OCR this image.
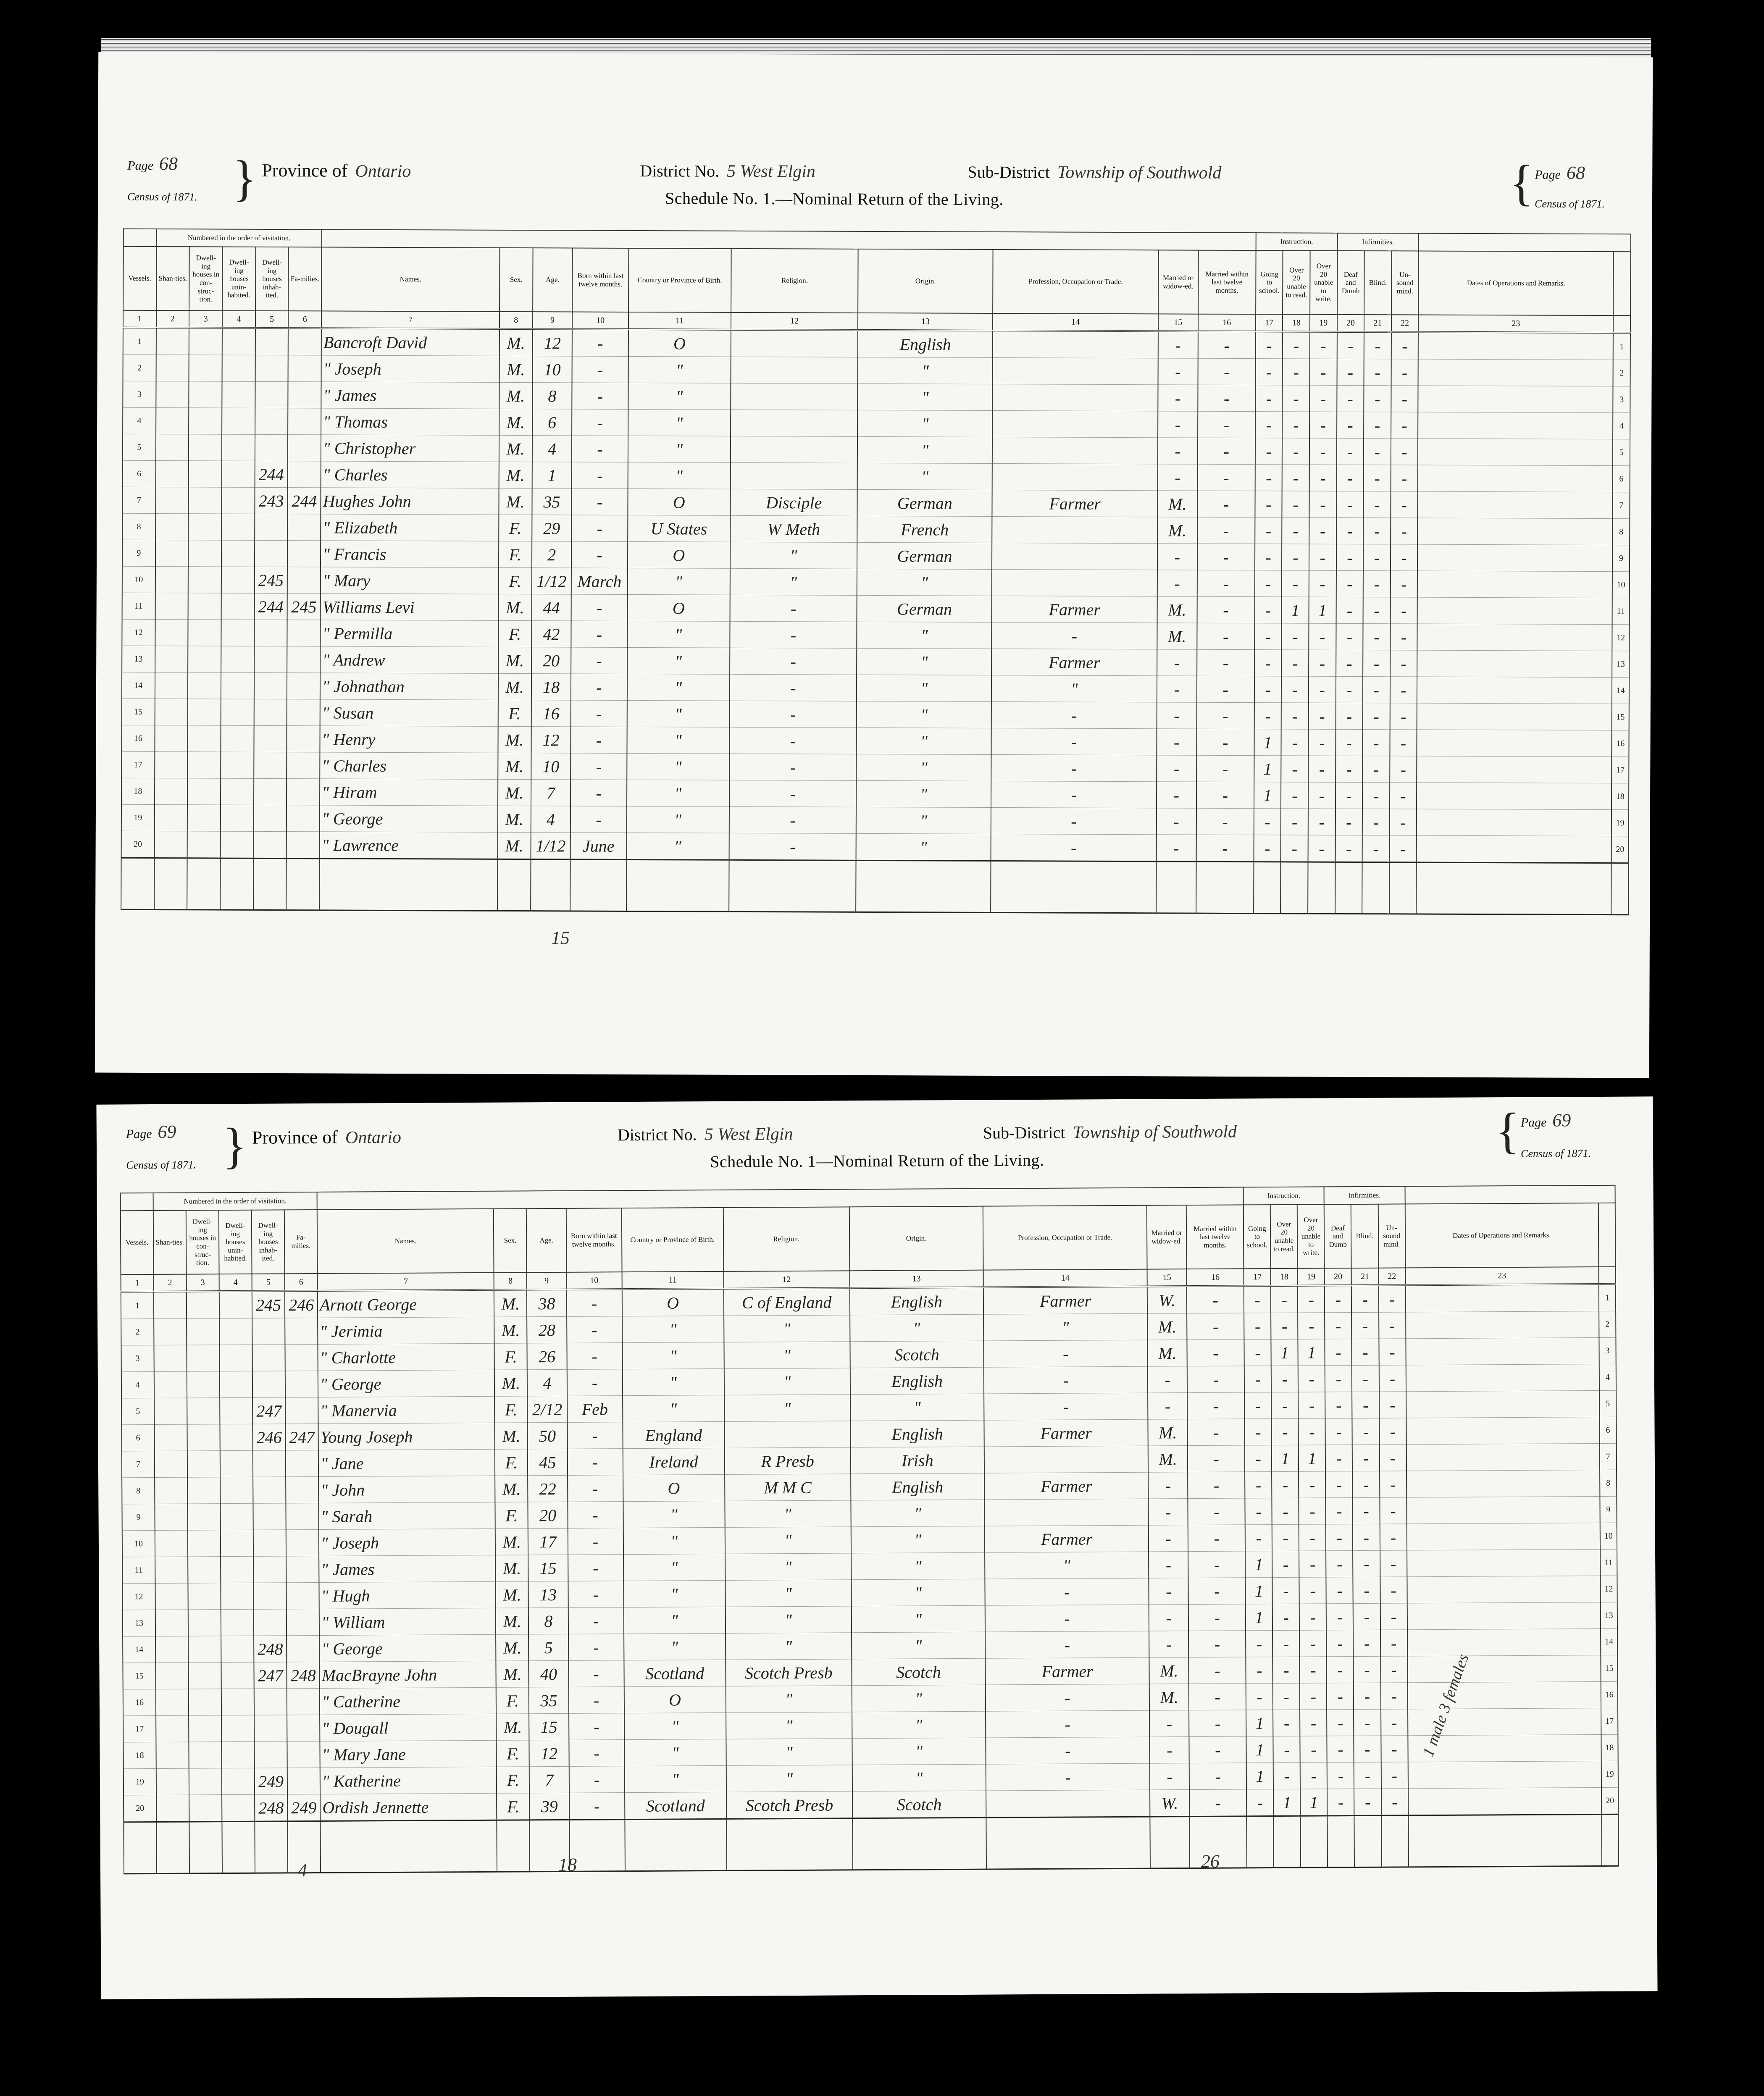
Page 68
Census of 1871. } Province of Ontario	District No. 5 West Elgin	Sub-District Township of Southwold	{ Page 68
Census of 1871.
Schedule No. 1.—Nominal Return of the Living.
	Numbered in the order of visitation.															Instruction.			Infirmities.				
Vessels.	Shan-ties.	Dwell-ing houses in con-struc-tion.	Dwell-ing houses unin-habited.	Dwell-ing houses inhab-ited.	Fa-milies.	Names.	Sex.	Age.	Born within last twelve months.	Country or Province of Birth.	Religion.	Origin.	Profession, Occupation or Trade.	Married or widow-ed.	Married within last twelve months.	Going to school.	Over 20 unable to read.	Over 20 unable to write.	Deaf and Dumb	Blind.	Un-sound mind.	Dates of Operations and Remarks.	
1	2	3	4	5	6	7	8	9	10	11	12	13	14	15	16	17	18	19	20	21	22	23	
1						Bancroft David	M.	12	-	O		English		-	-	-	-	-	-	-	-		1
2						" Joseph	M.	10	-	"		"		-	-	-	-	-	-	-	-		2
3						" James	M.	8	-	"		"		-	-	-	-	-	-	-	-		3
4						" Thomas	M.	6	-	"		"		-	-	-	-	-	-	-	-		4
5						" Christopher	M.	4	-	"		"		-	-	-	-	-	-	-	-		5
6				244		" Charles	M.	1	-	"		"		-	-	-	-	-	-	-	-		6
7				243	244	Hughes John	M.	35	-	O	Disciple	German	Farmer	M.	-	-	-	-	-	-	-		7
8						" Elizabeth	F.	29	-	U States	W Meth	French		M.	-	-	-	-	-	-	-		8
9						" Francis	F.	2	-	O	"	German		-	-	-	-	-	-	-	-		9
10				245		" Mary	F.	1/12	March	"	"	"		-	-	-	-	-	-	-	-		10
11				244	245	Williams Levi	M.	44	-	O	-	German	Farmer	M.	-	-	1	1	-	-	-		11
12						" Permilla	F.	42	-	"	-	"	-	M.	-	-	-	-	-	-	-		12
13						" Andrew	M.	20	-	"	-	"	Farmer	-	-	-	-	-	-	-	-		13
14						" Johnathan	M.	18	-	"	-	"	"	-	-	-	-	-	-	-	-		14
15						" Susan	F.	16	-	"	-	"	-	-	-	-	-	-	-	-	-		15
16						" Henry	M.	12	-	"	-	"	-	-	-	1	-	-	-	-	-		16
17						" Charles	M.	10	-	"	-	"	-	-	-	1	-	-	-	-	-		17
18						" Hiram	M.	7	-	"	-	"	-	-	-	1	-	-	-	-	-		18
19						" George	M.	4	-	"	-	"	-	-	-	-	-	-	-	-	-		19
20						" Lawrence	M.	1/12	June	"	-	"	-	-	-	-	-	-	-	-	-		20

15
Page 69
Census of 1871. } Province of Ontario	District No. 5 West Elgin	Sub-District Township of Southwold	{ Page 69
Census of 1871.
Schedule No. 1—Nominal Return of the Living.
	Numbered in the order of visitation.															Instruction.			Infirmities.				
Vessels.	Shan-ties.	Dwell-ing houses in con-struc-tion.	Dwell-ing houses unin-habited.	Dwell-ing houses inhab-ited.	Fa-milies.	Names.	Sex.	Age.	Born within last twelve months.	Country or Province of Birth.	Religion.	Origin.	Profession, Occupation or Trade.	Married or widow-ed.	Married within last twelve months.	Going to school.	Over 20 unable to read.	Over 20 unable to write.	Deaf and Dumb	Blind.	Un-sound mind.	Dates of Operations and Remarks.	
1	2	3	4	5	6	7	8	9	10	11	12	13	14	15	16	17	18	19	20	21	22	23	
1				245	246	Arnott George	M.	38	-	O	C of England	English	Farmer	W.	-	-	-	-	-	-	-		1
2						" Jerimia	M.	28	-	"	"	"	"	M.	-	-	-	-	-	-	-		2
3						" Charlotte	F.	26	-	"	"	Scotch	-	M.	-	-	1	1	-	-	-		3
4						" George	M.	4	-	"	"	English	-	-	-	-	-	-	-	-	-		4
5				247		" Manervia	F.	2/12	Feb	"	"	"	-	-	-	-	-	-	-	-	-		5
6				246	247	Young Joseph	M.	50	-	England		English	Farmer	M.	-	-	-	-	-	-	-		6
7						" Jane	F.	45	-	Ireland	R Presb	Irish		M.	-	-	1	1	-	-	-		7
8						" John	M.	22	-	O	M M C	English	Farmer	-	-	-	-	-	-	-	-		8
9						" Sarah	F.	20	-	"	"	"		-	-	-	-	-	-	-	-		9
10						" Joseph	M.	17	-	"	"	"	Farmer	-	-	-	-	-	-	-	-		10
11						" James	M.	15	-	"	"	"	"	-	-	1	-	-	-	-	-		11
12						" Hugh	M.	13	-	"	"	"	-	-	-	1	-	-	-	-	-		12
13						" William	M.	8	-	"	"	"	-	-	-	1	-	-	-	-	-		13
14				248		" George	M.	5	-	"	"	"	-	-	-	-	-	-	-	-	-		14
15				247	248	MacBrayne John	M.	40	-	Scotland	Scotch Presb	Scotch	Farmer	M.	-	-	-	-	-	-	-		15
16						" Catherine	F.	35	-	O	"	"	-	M.	-	-	-	-	-	-	-		16
17						" Dougall	M.	15	-	"	"	"	-	-	-	1	-	-	-	-	-		17
18						" Mary Jane	F.	12	-	"	"	"	-	-	-	1	-	-	-	-	-		18
19				249		" Katherine	F.	7	-	"	"	"	-	-	-	1	-	-	-	-	-		19
20				248	249	Ordish Jennette	F.	39	-	Scotland	Scotch Presb	Scotch		W.	-	-	1	1	-	-	-		20

4	18	26
1 male 3 females
